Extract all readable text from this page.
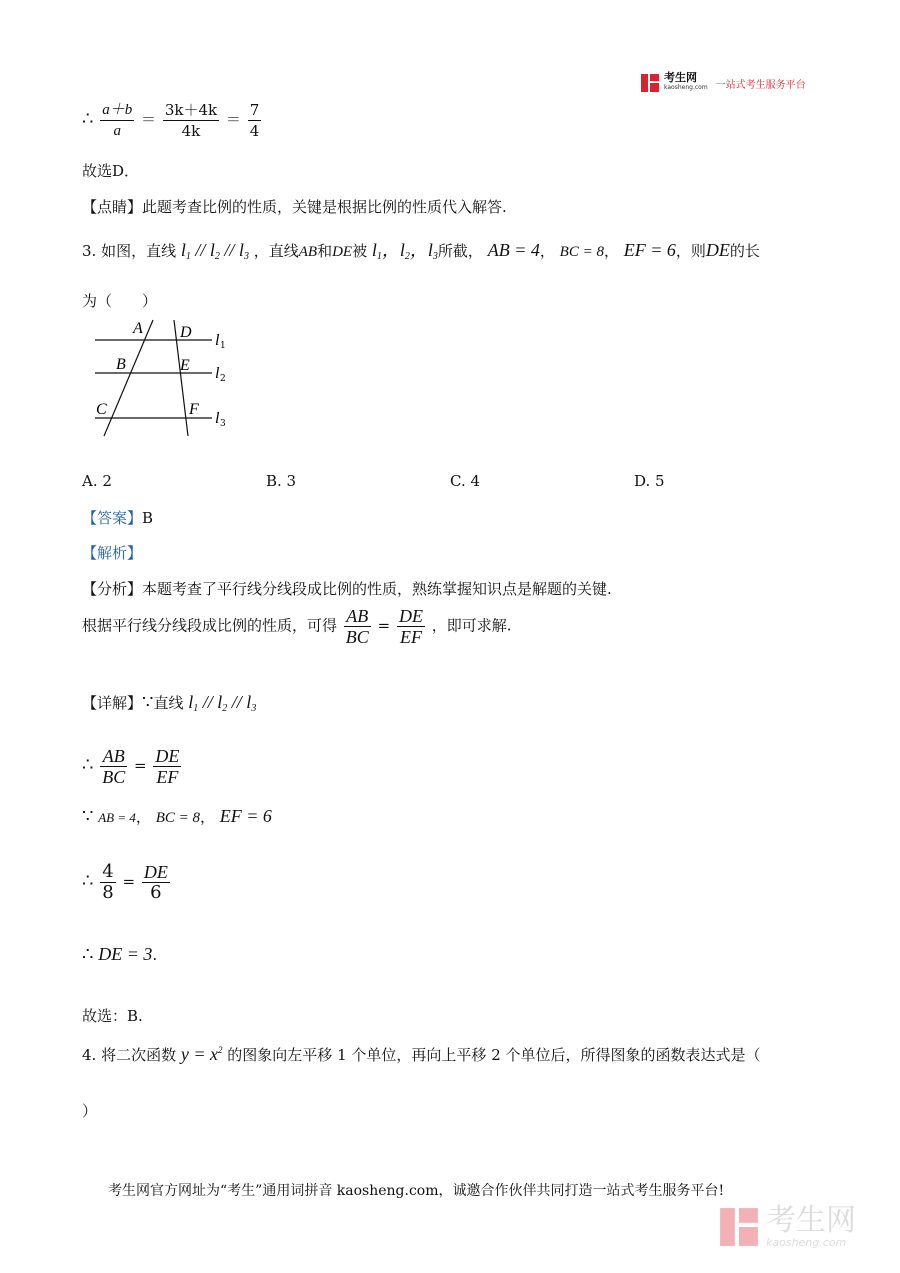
考生网
kaosheng.com 一站式考生服务平台
∴ $\frac{a+b}{a} = \frac{3k+4k}{4k} = \frac{7}{4}$
故选D．
【点睛】此题考查比例的性质，关键是根据比例的性质代入解答.
3. 如图，直线 $l_1 // l_2 // l_3$ ，直线AB和DE被 $l_1$，$l_2$，$l_3$所截， AB = 4， BC = 8， EF = 6，则DE的长
为（　　）
A
B
C
D
E
F
l 1
l 2
l 3
A. 2	B. 3	C. 4	D. 5
【答案】B
【解析】
【分析】本题考查了平行线分线段成比例的性质，熟练掌握知识点是解题的关键.
根据平行线分线段成比例的性质，可得 $\frac{AB}{BC} = \frac{DE}{EF}$ ，即可求解.
【详解】∵直线 $l_1 // l_2 // l_3$
∴ $\frac{AB}{BC} = \frac{DE}{EF}$
∵ AB = 4， BC = 8， EF = 6
∴ $\frac{4}{8} = \frac{DE}{6}$
∴ DE = 3.
故选：B.
4. 将二次函数 $y = x^2$ 的图象向左平移 1 个单位，再向上平移 2 个单位后，所得图象的函数表达式是（
）
考生网官方网址为“考生”通用词拼音 kaosheng.com，诚邀合作伙伴共同打造一站式考生服务平台!
考生网
kaosheng.com
